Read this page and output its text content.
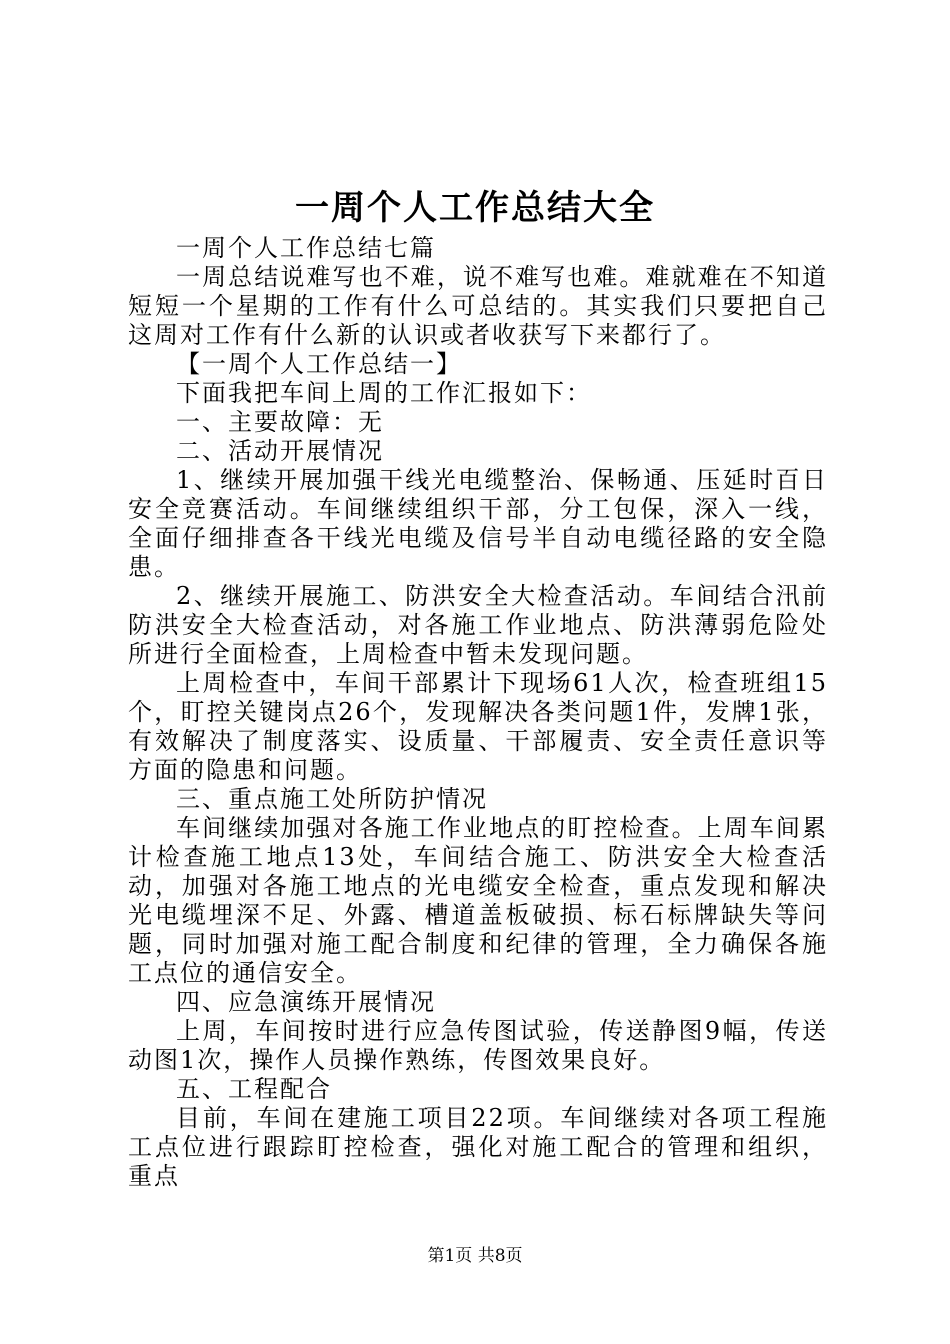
一周个人工作总结大全

一周个人工作总结七篇

一周总结说难写也不难，说不难写也难。难就难在不知道短短一个星期的工作有什么可总结的。其实我们只要把自己这周对工作有什么新的认识或者收获写下来都行了。

【一周个人工作总结一】

下面我把车间上周的工作汇报如下：

一、主要故障：无

二、活动开展情况

1、继续开展加强干线光电缆整治、保畅通、压延时百日安全竞赛活动。车间继续组织干部，分工包保，深入一线，全面仔细排查各干线光电缆及信号半自动电缆径路的安全隐患。

2、继续开展施工、防洪安全大检查活动。车间结合汛前防洪安全大检查活动，对各施工作业地点、防洪薄弱危险处所进行全面检查，上周检查中暂未发现问题。

上周检查中，车间干部累计下现场61人次，检查班组15个，盯控关键岗点26个，发现解决各类问题1件，发牌1张，有效解决了制度落实、设质量、干部履责、安全责任意识等方面的隐患和问题。

三、重点施工处所防护情况

车间继续加强对各施工作业地点的盯控检查。上周车间累计检查施工地点13处，车间结合施工、防洪安全大检查活动，加强对各施工地点的光电缆安全检查，重点发现和解决光电缆埋深不足、外露、槽道盖板破损、标石标牌缺失等问题，同时加强对施工配合制度和纪律的管理，全力确保各施工点位的通信安全。

四、应急演练开展情况

上周，车间按时进行应急传图试验，传送静图9幅，传送动图1次，操作人员操作熟练，传图效果良好。

五、工程配合

目前，车间在建施工项目22项。车间继续对各项工程施工点位进行跟踪盯控检查，强化对施工配合的管理和组织，重点

第1页 共8页
